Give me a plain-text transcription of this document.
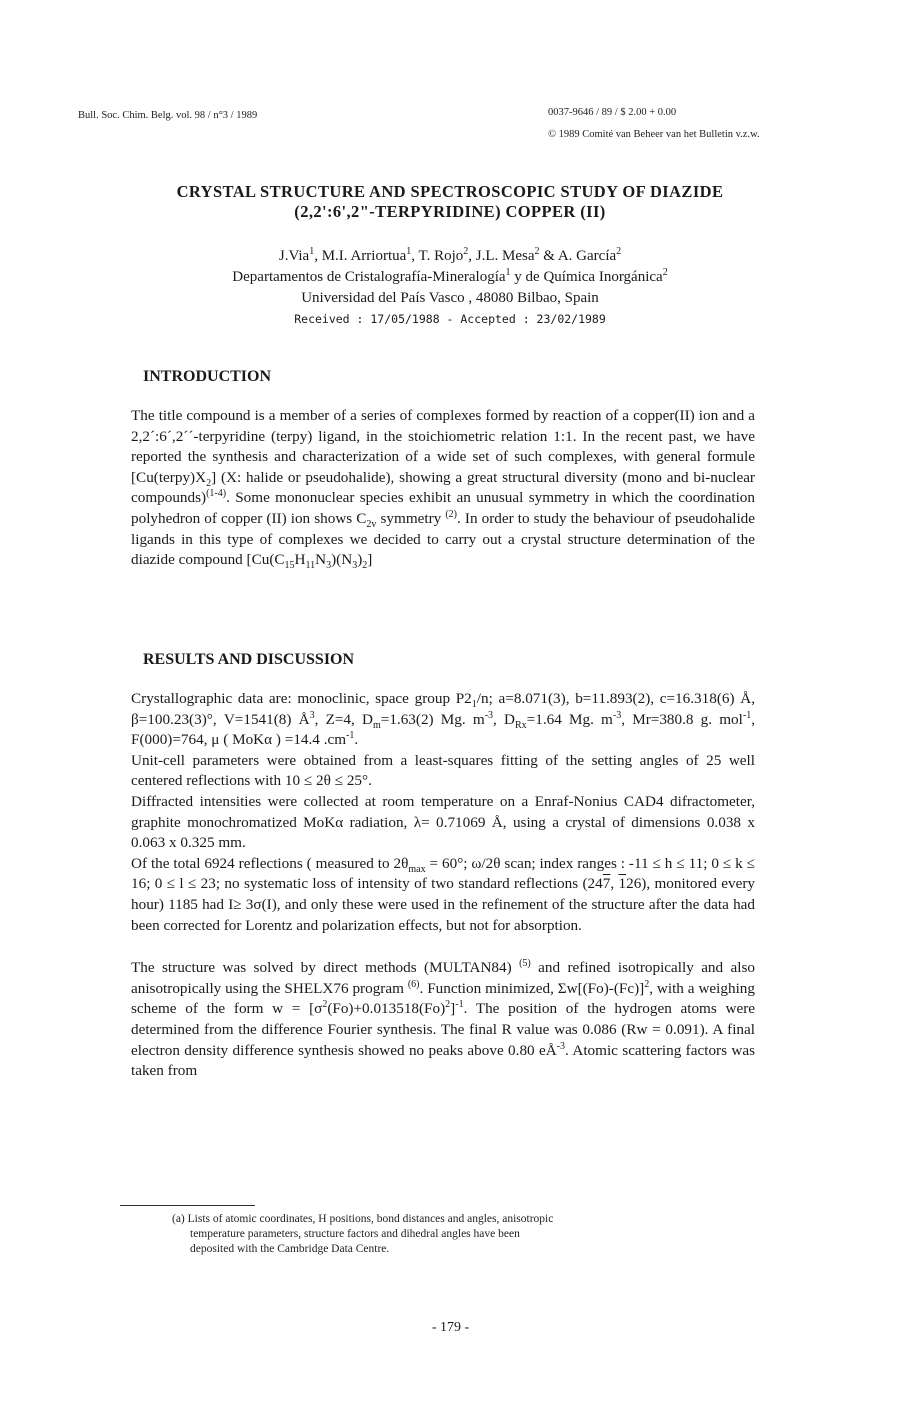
Bull. Soc. Chim. Belg. vol. 98 / n°3 / 1989	0037-9646 / 89 / $ 2.00 + 0.00
© 1989 Comité van Beheer van het Bulletin v.z.w.
CRYSTAL STRUCTURE AND SPECTROSCOPIC STUDY OF DIAZIDE
(2,2':6',2"-TERPYRIDINE) COPPER (II)
J.Via$^1$, M.I. Arriortua$^1$, T. Rojo$^2$, J.L. Mesa$^2$ & A. García$^2$
Departamentos de Cristalografía-Mineralogía$^1$ y de Química Inorgánica$^2$
Universidad del País Vasco , 48080 Bilbao, Spain
Received : 17/05/1988 - Accepted : 23/02/1989
INTRODUCTION

The title compound is a member of a series of complexes formed by reaction of a copper(II) ion and a 2,2´:6´,2´´-terpyridine (terpy) ligand, in the stoichiometric relation 1:1. In the recent past, we have reported the synthesis and characterization of a wide set of such complexes, with general formule $[Cu(terpy)X_2]$ (X: halide or pseudohalide), showing a great structural diversity (mono and bi-nuclear compounds)$^{(1-4)}$. Some mononuclear species exhibit an unusual symmetry in which the coordination polyhedron of copper (II) ion shows $C_{2v}$ symmetry $^{(2)}$. In order to study the behaviour of pseudohalide ligands in this type of complexes we decided to carry out a crystal structure determination of the diazide compound $[Cu(C_{15}H_{11}N_3)(N_3)_2]$

RESULTS AND DISCUSSION

Crystallographic data are: monoclinic, space group $P2_1/n$; a=8.071(3), b=11.893(2), c=16.318(6) Å, β=100.23(3)°, V=1541(8) $Å^3$, Z=4, $D_m=1.63(2)$ Mg. $m^{-3}$, $D_{Rx}=1.64$ Mg. $m^{-3}$, Mr=380.8 g. mol$^{-1}$, F(000)=764, μ ( MoKα ) =14.4 $.cm^{-1}$.

Unit-cell parameters were obtained from a least-squares fitting of the setting angles of 25 well centered reflections with 10 ≤ 2θ ≤ 25°.

Diffracted intensities were collected at room temperature on a Enraf-Nonius CAD4 difractometer, graphite monochromatized MoKα radiation, λ= 0.71069 Å, using a crystal of dimensions 0.038 x 0.063 x 0.325 mm.

Of the total 6924 reflections ( measured to $2\theta_{max} = 60^\circ$; ω/2θ scan; index ranges : -11 ≤ h ≤ 11; 0 ≤ k ≤ 16; 0 ≤ l ≤ 23; no systematic loss of intensity of two standard reflections (247, 126), monitored every hour) 1185 had I≥ 3σ(I), and only these were used in the refinement of the structure after the data had been corrected for Lorentz and polarization effects, but not for absorption.

The structure was solved by direct methods (MULTAN84) $^{(5)}$ and refined isotropically and also anisotropically using the SHELX76 program $^{(6)}$. Function minimized, $\Sigma w[(Fo)-(Fc)]^2$, with a weighing scheme of the form $w = [\sigma^2(Fo)+0.013518(Fo)^2]^{-1}$. The position of the hydrogen atoms were determined from the difference Fourier synthesis. The final R value was 0.086 (Rw = 0.091). A final electron density difference synthesis showed no peaks above 0.80 $eÅ^{-3}$. Atomic scattering factors was taken from

(a) Lists of atomic coordinates, H positions, bond distances and angles, anisotropic
temperature parameters, structure factors and dihedral angles have been
deposited with the Cambridge Data Centre.
- 179 -
